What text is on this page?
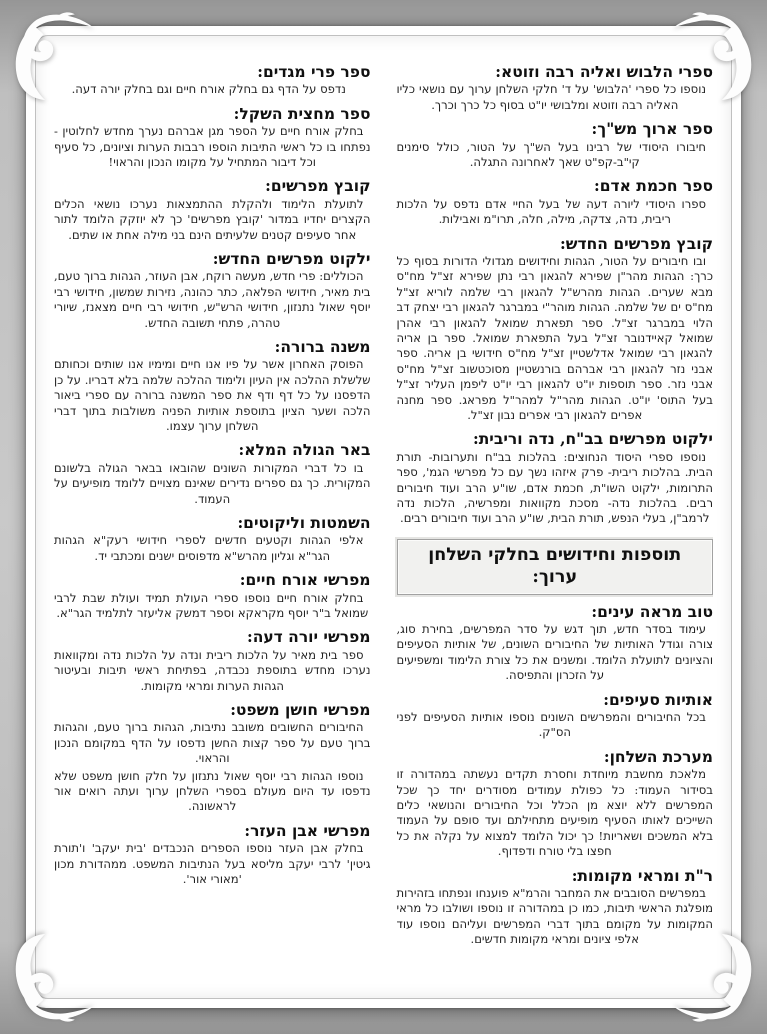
ספרי הלבוש ואליה רבה וזוטא:

נוספו כל ספרי 'הלבוש' על ד' חלקי השלחן ערוך עם נושאי כליו האליה רבה וזוטא ומלבושי יו"ט בסוף כל כרך וכרך.

ספר ארוך מש"ך:

חיבורו היסודי של רבינו בעל הש"ך על הטור, כולל סימנים קי"ב-קפ"ט שאך לאחרונה התגלה.

ספר חכמת אדם:

ספרו היסודי ליורה דעה של בעל החיי אדם נדפס על הלכות ריבית, נדה, צדקה, מילה, חלה, תרו"מ ואבילות.

קובץ מפרשים החדש:

ובו חיבורים על הטור, הגהות וחידושים מגדולי הדורות בסוף כל כרך: הגהות מהר"ן שפירא להגאון רבי נתן שפירא זצ"ל מח"ס מבא שערים. הגהות מהרש"ל להגאון רבי שלמה לוריא זצ"ל מח"ס ים של שלמה. הגהות מוהר"י במברגר להגאון רבי יצחק דב הלוי במברגר זצ"ל. ספר תפארת שמואל להגאון רבי אהרן שמואל קאיידנובר זצ"ל בעל התפארת שמואל. ספר בן אריה להגאון רבי שמואל אדלשטיין זצ"ל מח"ס חידושי בן אריה. ספר אבני נזר להגאון רבי אברהם בורנשטיין מסוכטשוב זצ"ל מח"ס אבני נזר. ספר תוספות יו"ט להגאון רבי יו"ט ליפמן העליר זצ"ל בעל התוס' יו"ט. הגהות מהר"ל למהר"ל מפראג. ספר מחנה אפרים להגאון רבי אפרים נבון זצ"ל.

ילקוט מפרשים בב"ח, נדה וריבית:

נוספו ספרי היסוד הנחוצים: בהלכות בב"ח ותערובות- תורת הבית. בהלכות ריבית- פרק איזהו נשך עם כל מפרשי הגמ', ספר התרומות, ילקוט השו"ת, חכמת אדם, שו"ע הרב ועוד חיבורים רבים. בהלכות נדה- מסכת מקוואות ומפרשיה, הלכות נדה לרמב"ן, בעלי הנפש, תורת הבית, שו"ע הרב ועוד חיבורים רבים.

תוספות וחידושים בחלקי השלחן ערוך:
טוב מראה עינים:

עימוד בסדר חדש, תוך דגש על סדר המפרשים, בחירת סוג, צורה וגודל האותיות של החיבורים השונים, של אותיות הסעיפים והציונים לתועלת הלומד. ומשנים את כל צורת הלימוד ומשפיעים על הזכרון והתפיסה.

אותיות סעיפים:

בכל החיבורים והמפרשים השונים נוספו אותיות הסעיפים לפני הס"ק.

מערכת השלחן:

מלאכת מחשבת מיוחדת וחסרת תקדים נעשתה במהדורה זו בסידור העמוד: כל כפולת עמודים מסודרים יחד כך שכל המפרשים ללא יוצא מן הכלל וכל החיבורים והנושאי כלים השייכים לאותו הסעיף מופיעים מתחילתם ועד סופם על העמוד בלא המשכים ושאריות! כך יכול הלומד למצוא על נקלה את כל חפצו בלי טורח ודפדוף.

ר"ת ומראי מקומות:

במפרשים הסובבים את המחבר והרמ"א פוענחו ונפתחו בזהירות מופלגת הראשי תיבות, כמו כן במהדורה זו נוספו ושולבו כל מראי המקומות על מקומם בתוך דברי המפרשים ועליהם נוספו עוד אלפי ציונים ומראי מקומות חדשים.

ספר פרי מגדים:

נדפס על הדף גם בחלק אורח חיים וגם בחלק יורה דעה.

ספר מחצית השקל:

בחלק אורח חיים על הספר מגן אברהם נערך מחדש לחלוטין - נפתחו בו כל ראשי התיבות הוספו רבבות הערות וציונים, כל סעיף וכל דיבור המתחיל על מקומו הנכון והראוי!

קובץ מפרשים:

לתועלת הלימוד ולהקלת ההתמצאות נערכו נושאי הכלים הקצרים יחדיו במדור 'קובץ מפרשים' כך לא יוזקק הלומד לתור אחר סעיפים קטנים שלעיתים הינם בני מילה אחת או שתים.

ילקוט מפרשים החדש:

הכוללים: פרי חדש, מעשה רוקח, אבן העוזר, הגהות ברוך טעם, בית מאיר, חידושי הפלאה, כתר כהונה, נזירות שמשון, חידושי רבי יוסף שאול נתנזון, חידושי הרש"ש, חידושי רבי חיים מצאנז, שיורי טהרה, פתחי תשובה החדש.

משנה ברורה:

הפוסק האחרון אשר על פיו אנו חיים ומימיו אנו שותים וכחותם שלשלת ההלכה אין העיון ולימוד ההלכה שלמה בלא דבריו. על כן הדפסנו על כל דף ודף את ספר המשנה ברורה עם ספרי ביאור הלכה ושער הציון בתוספת אותיות הפניה משולבות בתוך דברי השלחן ערוך עצמו.

באר הגולה המלא:

בו כל דברי המקורות השונים שהובאו בבאר הגולה בלשונם המקורית. כך גם ספרים נדירים שאינם מצויים ללומד מופיעים על העמוד.

השמטות וליקוטים:

אלפי הגהות וקטעים חדשים לספרי חידושי רעק"א הגהות הגר"א וגליון מהרש"א מדפוסים ישנים ומכתבי יד.

מפרשי אורח חיים:

בחלק אורח חיים נוספו ספרי העולת תמיד ועולת שבת לרבי שמואל ב"ר יוסף מקראקא וספר דמשק אליעזר לתלמיד הגר"א.

מפרשי יורה דעה:

ספר בית מאיר על הלכות ריבית ונדה על הלכות נדה ומקוואות נערכו מחדש בתוספת נכבדה, בפתיחת ראשי תיבות ובעיטור הגהות הערות ומראי מקומות.

מפרשי חושן משפט:

החיבורים החשובים משובב נתיבות, הגהות ברוך טעם, והגהות ברוך טעם על ספר קצות החשן נדפסו על הדף במקומם הנכון והראוי.

נוספו הגהות רבי יוסף שאול נתנזון על חלק חושן משפט שלא נדפסו עד היום מעולם בספרי השלחן ערוך ועתה רואים אור לראשונה.

מפרשי אבן העזר:

בחלק אבן העזר נוספו הספרים הנכבדים 'בית יעקב' ו'תורת גיטין' לרבי יעקב מליסא בעל הנתיבות המשפט. ממהדורת מכון 'מאורי אור'.
